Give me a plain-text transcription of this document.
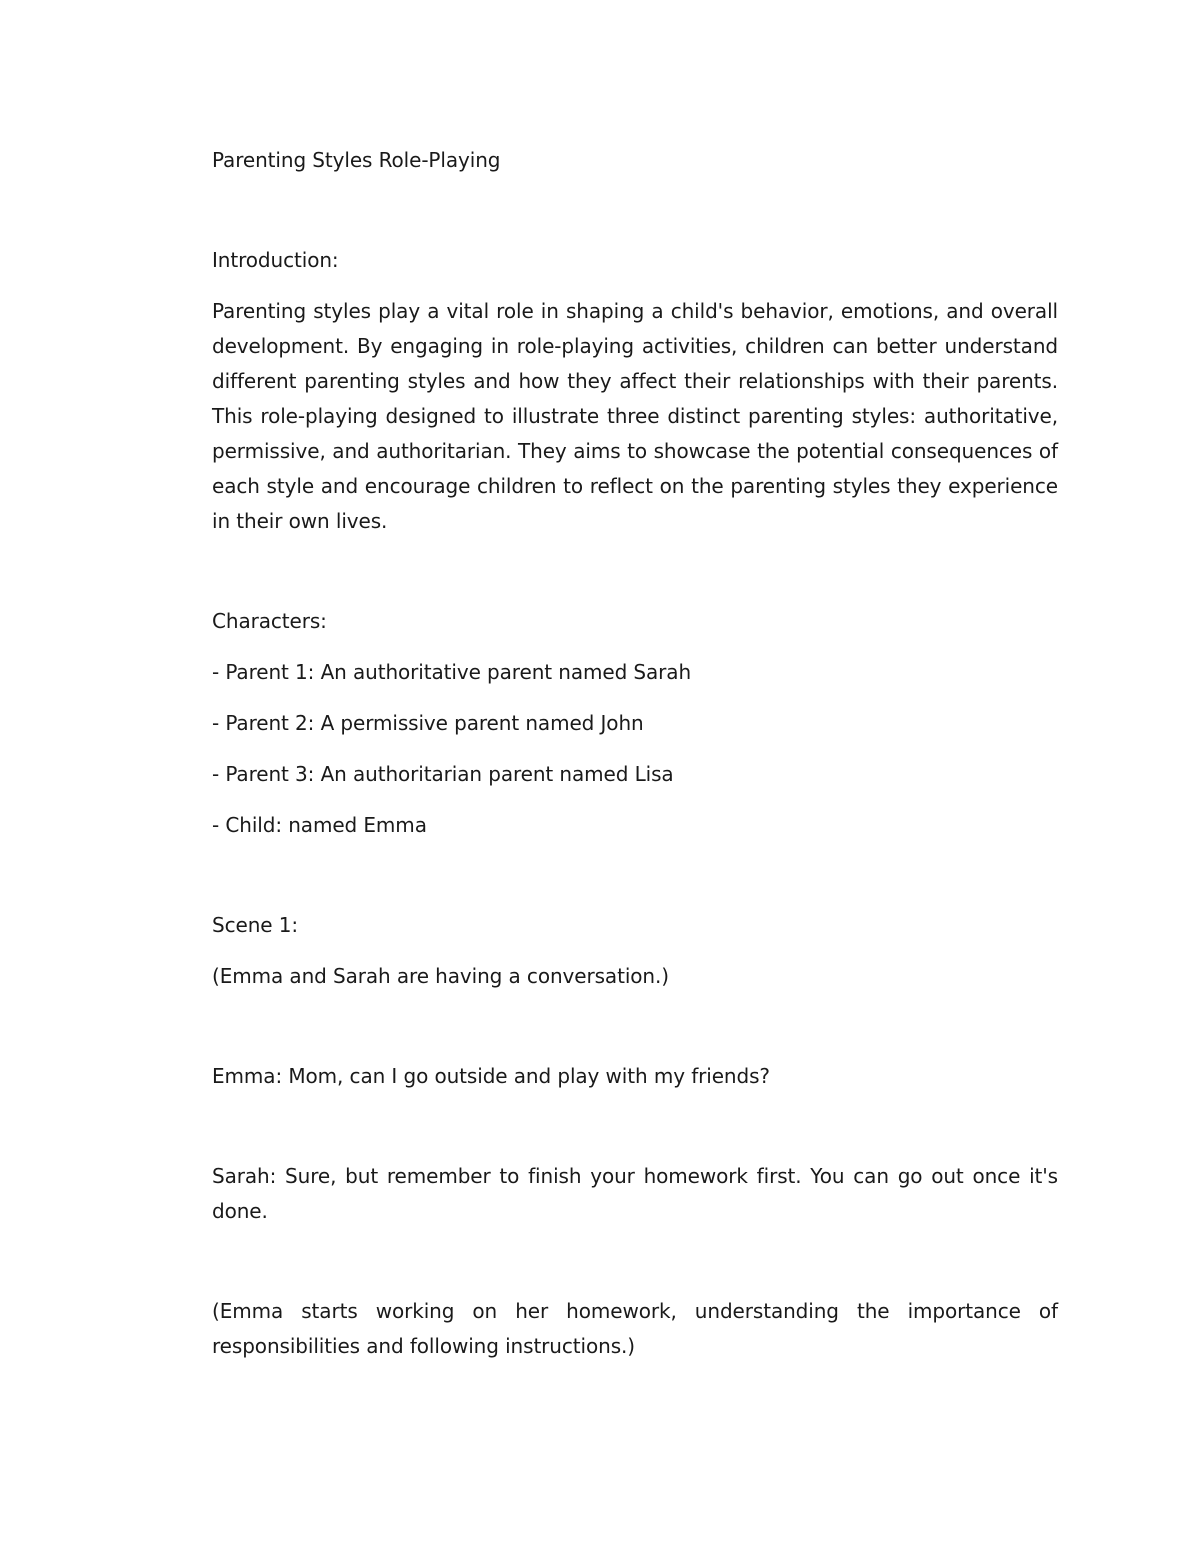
Parenting Styles Role-Playing

Introduction:

Parenting styles play a vital role in shaping a child's behavior, emotions, and overall development. By engaging in role-playing activities, children can better understand different parenting styles and how they affect their relationships with their parents. This role-playing designed to illustrate three distinct parenting styles: authoritative, permissive, and authoritarian. They aims to showcase the potential consequences of each style and encourage children to reflect on the parenting styles they experience in their own lives.

Characters:

- Parent 1: An authoritative parent named Sarah

- Parent 2: A permissive parent named John

- Parent 3: An authoritarian parent named Lisa

- Child: named Emma

Scene 1:

(Emma and Sarah are having a conversation.)

Emma: Mom, can I go outside and play with my friends?

Sarah: Sure, but remember to finish your homework first. You can go out once it's done.

(Emma starts working on her homework, understanding the importance of responsibilities and following instructions.)
